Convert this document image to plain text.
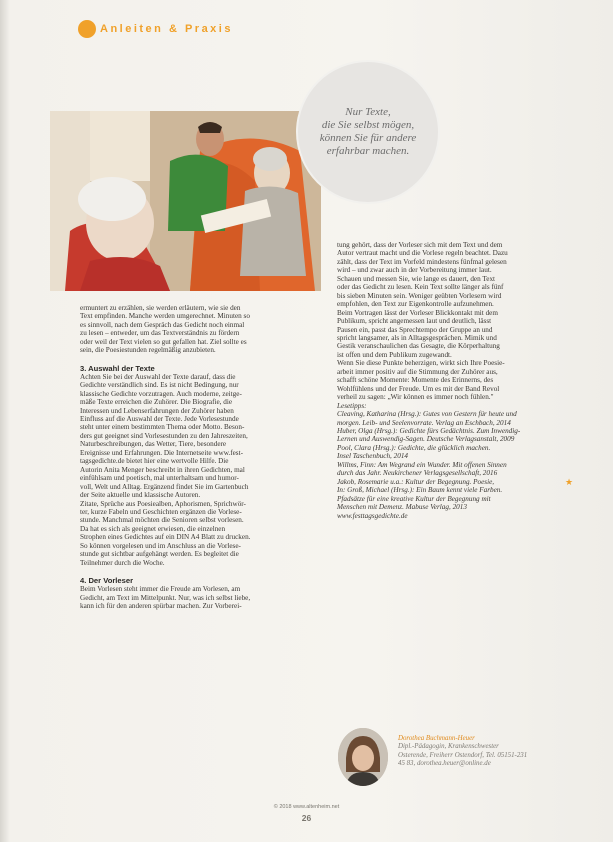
Anleiten & Praxis
Nur Texte,
die Sie selbst mögen,
können Sie für andere
erfahrbar machen.

ermuntert zu erzählen, sie werden erläutern, wie sie den

Text empfinden. Manche werden umgerechnet. Minuten so

es sinnvoll, nach dem Gespräch das Gedicht noch einmal

zu lesen – entweder, um das Textverständnis zu fördern

oder weil der Text vielen so gut gefallen hat. Ziel sollte es

sein, die Poesiestunden regelmäßig anzubieten.

3. Auswahl der Texte

Achten Sie bei der Auswahl der Texte darauf, dass die

Gedichte verständlich sind. Es ist nicht Bedingung, nur

klassische Gedichte vorzutragen. Auch moderne, zeitge-

mäße Texte erreichen die Zuhörer. Die Biografie, die

Interessen und Lebenserfahrungen der Zuhörer haben

Einfluss auf die Auswahl der Texte. Jede Vorlesestunde

steht unter einem bestimmten Thema oder Motto. Beson-

ders gut geeignet sind Vorlesestunden zu den Jahreszeiten,

Naturbeschreibungen, das Wetter, Tiere, besondere

Ereignisse und Erfahrungen. Die Internetseite www.fest-

tagsgedichte.de bietet hier eine wertvolle Hilfe. Die

Autorin Anita Menger beschreibt in ihren Gedichten, mal

einfühlsam und poetisch, mal unterhaltsam und humor-

voll, Welt und Alltag. Ergänzend findet Sie im Gartenbuch

der Seite aktuelle und klassische Autoren.

Zitate, Sprüche aus Poesiealben, Aphorismen, Sprichwör-

ter, kurze Fabeln und Geschichten ergänzen die Vorlese-

stunde. Manchmal möchten die Senioren selbst vorlesen.

Da hat es sich als geeignet erwiesen, die einzelnen

Strophen eines Gedichtes auf ein DIN A4 Blatt zu drucken.

So können vorgelesen und im Anschluss an die Vorlese-

stunde gut sichtbar aufgehängt werden. Es begleitet die

Teilnehmer durch die Woche.

4. Der Vorleser

Beim Vorlesen steht immer die Freude am Vorlesen, am

Gedicht, am Text im Mittelpunkt. Nur, was ich selbst liebe,

kann ich für den anderen spürbar machen. Zur Vorberei-

tung gehört, dass der Vorleser sich mit dem Text und dem

Autor vertraut macht und die Vorlese regeln beachtet. Dazu

zählt, dass der Text im Vorfeld mindestens fünfmal gelesen

wird – und zwar auch in der Vorbereitung immer laut.

Schauen und messen Sie, wie lange es dauert, den Text

oder das Gedicht zu lesen. Kein Text sollte länger als fünf

bis sieben Minuten sein. Weniger geübten Vorlesern wird

empfohlen, den Text zur Eigenkontrolle aufzunehmen.

Beim Vortragen lässt der Vorleser Blickkontakt mit dem

Publikum, spricht angemessen laut und deutlich, lässt

Pausen ein, passt das Sprechtempo der Gruppe an und

spricht langsamer, als in Alltagsgesprächen. Mimik und

Gestik veranschaulichen das Gesagte, die Körperhaltung

ist offen und dem Publikum zugewandt.

Wenn Sie diese Punkte beherzigen, wirkt sich Ihre Poesie-

arbeit immer positiv auf die Stimmung der Zuhörer aus,

schafft schöne Momente: Momente des Erinnerns, des

Wohlfühlens und der Freude. Um es mit der Band Revol

verheil zu sagen: „Wir können es immer noch fühlen."

Lesetipps:

Cleaving, Katharina (Hrsg.): Gutes von Gestern für heute und

morgen. Leib- und Seelenvorrate. Verlag an Eschbach, 2014

Huber, Olga (Hrsg.): Gedichte fürs Gedächtnis. Zum Inwendig-

Lernen und Auswendig-Sagen. Deutsche Verlagsanstalt, 2009

Pool, Clara (Hrsg.): Gedichte, die glücklich machen.

Insel Taschenbuch, 2014

Willms, Finn: Am Wegrand ein Wunder. Mit offenen Sinnen

durch das Jahr. Neukirchener Verlagsgesellschaft, 2016

Jakob, Rosemarie u.a.: Kultur der Begegnung. Poesie,

In: Groß, Michael (Hrsg.): Ein Baum kennt viele Farben.

Pfadsätze für eine kreative Kultur der Begegnung mit

Menschen mit Demenz. Mabuse Verlag, 2013

www.festtagsgedichte.de

★
Dorothea Buchmann-Heuer
Dipl.-Pädagogin, Krankenschwester
Osterende, Freiherr Ostendorf, Tel. 05151-231
45 83, dorothea.heuer@online.de
© 2018 www.altenheim.net
26
